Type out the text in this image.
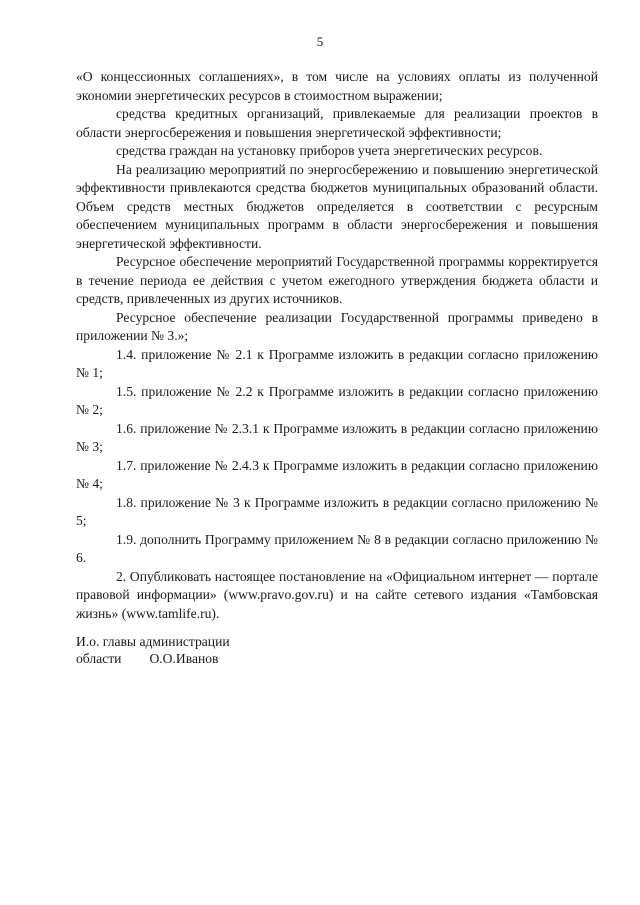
5

«О концессионных соглашениях», в том числе на условиях оплаты из полученной экономии энергетических ресурсов в стоимостном выражении;

средства кредитных организаций, привлекаемые для реализации проектов в области энергосбережения и повышения энергетической эффективности;

средства граждан на установку приборов учета энергетических ресурсов.

На реализацию мероприятий по энергосбережению и повышению энергетической эффективности привлекаются средства бюджетов муниципальных образований области. Объем средств местных бюджетов определяется в соответствии с ресурсным обеспечением муниципальных программ в области энергосбережения и повышения энергетической эффективности.

Ресурсное обеспечение мероприятий Государственной программы корректируется в течение периода ее действия с учетом ежегодного утверждения бюджета области и средств, привлеченных из других источников.

Ресурсное обеспечение реализации Государственной программы приведено в приложении № 3.»;

1.4. приложение № 2.1 к Программе изложить в редакции согласно приложению № 1;

1.5. приложение № 2.2 к Программе изложить в редакции согласно приложению № 2;

1.6. приложение № 2.3.1 к Программе изложить в редакции согласно приложению № 3;

1.7. приложение № 2.4.3 к Программе изложить в редакции согласно приложению № 4;

1.8. приложение № 3 к Программе изложить в редакции согласно приложению № 5;

1.9. дополнить Программу приложением № 8 в редакции согласно приложению № 6.

2. Опубликовать настоящее постановление на «Официальном интернет — портале правовой информации» (www.pravo.gov.ru) и на сайте сетевого издания «Тамбовская жизнь» (www.tamlife.ru).

И.о. главы администрации
области О.О.Иванов
